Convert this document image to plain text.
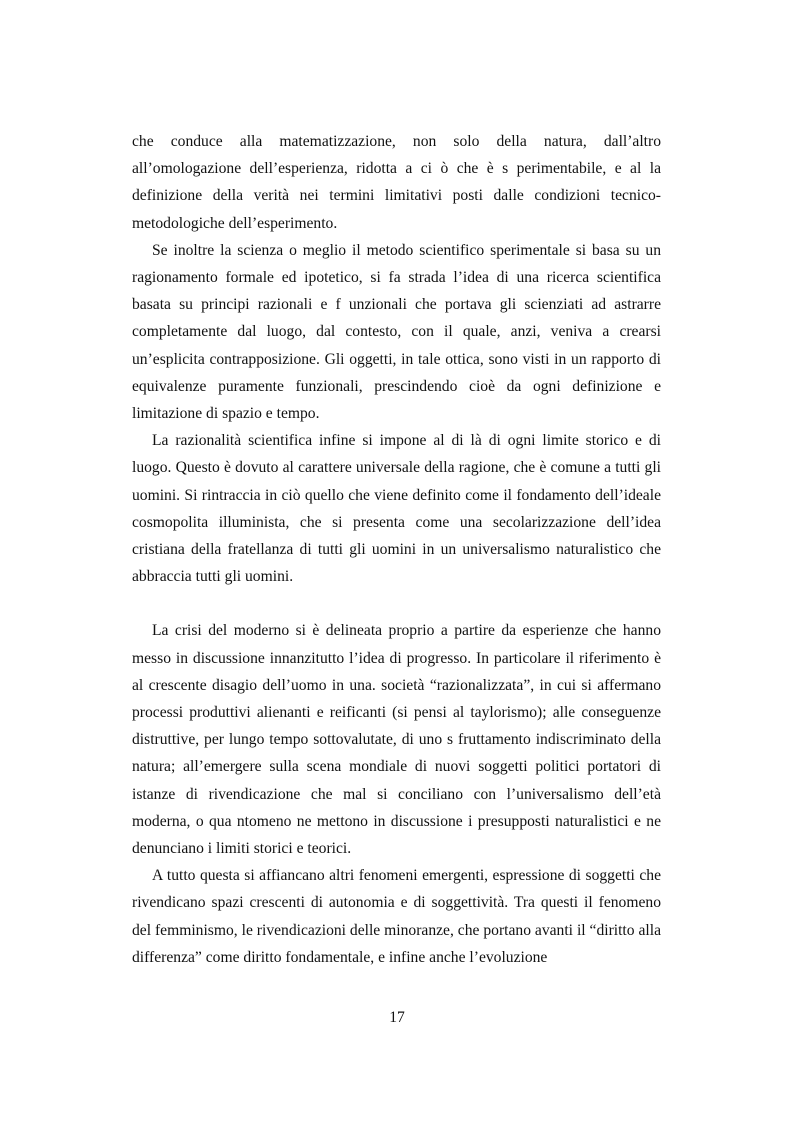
che conduce alla matematizzazione, non solo della natura, dall’altro all’omologazione dell’esperienza, ridotta a ci ò che è s perimentabile, e al la definizione della verità nei termini limitativi posti dalle condizioni tecnico-metodologiche dell’esperimento.

Se inoltre la scienza o meglio il metodo scientifico sperimentale si basa su un ragionamento formale ed ipotetico, si fa strada l’idea di una ricerca scientifica basata su principi razionali e f unzionali che portava gli scienziati ad astrarre completamente dal luogo, dal contesto, con il quale, anzi, veniva a crearsi un’esplicita contrapposizione. Gli oggetti, in tale ottica, sono visti in un rapporto di equivalenze puramente funzionali, prescindendo cioè da ogni definizione e limitazione di spazio e tempo.

La razionalità scientifica infine si impone al di là di ogni limite storico e di luogo. Questo è dovuto al carattere universale della ragione, che è comune a tutti gli uomini. Si rintraccia in ciò quello che viene definito come il fondamento dell’ideale cosmopolita illuminista, che si presenta come una secolarizzazione dell’idea cristiana della fratellanza di tutti gli uomini in un universalismo naturalistico che abbraccia tutti gli uomini.

La crisi del moderno si è delineata proprio a partire da esperienze che hanno messo in discussione innanzitutto l’idea di progresso. In particolare il riferimento è al crescente disagio dell’uomo in una. società “razionalizzata”, in cui si affermano processi produttivi alienanti e reificanti (si pensi al taylorismo); alle conseguenze distruttive, per lungo tempo sottovalutate, di uno s fruttamento indiscriminato della natura; all’emergere sulla scena mondiale di nuovi soggetti politici portatori di istanze di rivendicazione che mal si conciliano con l’universalismo dell’età moderna, o qua ntomeno ne mettono in discussione i presupposti naturalistici e ne denunciano i limiti storici e teorici.

A tutto questa si affiancano altri fenomeni emergenti, espressione di soggetti che rivendicano spazi crescenti di autonomia e di soggettività. Tra questi il fenomeno del femminismo, le rivendicazioni delle minoranze, che portano avanti il “diritto alla differenza” come diritto fondamentale, e infine anche l’evoluzione

17
